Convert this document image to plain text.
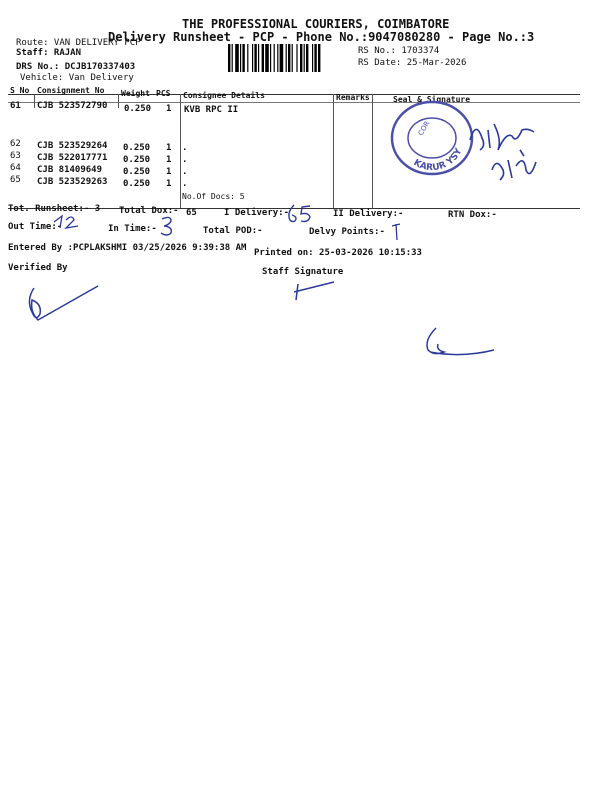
THE PROFESSIONAL COURIERS, COIMBATORE
Delivery Runsheet - PCP - Phone No.:9047080280 - Page No.:3
Route: VAN DELIVERY PCP
Staff: RAJAN
DRS No.: DCJB170337403
Vehicle: Van Delivery
RS No.: 1703374
RS Date: 25-Mar-2026
S No Consignment No Weight PCS Consignee Details	Remarks	Seal & Signature
61 CJB 523572790 0.250 1 KVB RPC II
62 CJB 523529264 0.250 1 .
63 CJB 522017771 0.250 1 .
64 CJB 81409649 0.250 1 .
65 CJB 523529263 0.250 1 .
No.Of Docs: 5
KARUR YSY
COR
Tot. Runsheet:- 3 Total Dox:- 65	I Delivery:-	II Delivery:-	RTN Dox:-
Out Time:-	In Time:-	Total POD:-	Delvy Points:-
Entered By :PCPLAKSHMI 03/25/2026 9:39:38 AM Printed on: 25-03-2026 10:15:33
Verified By	Staff Signature
